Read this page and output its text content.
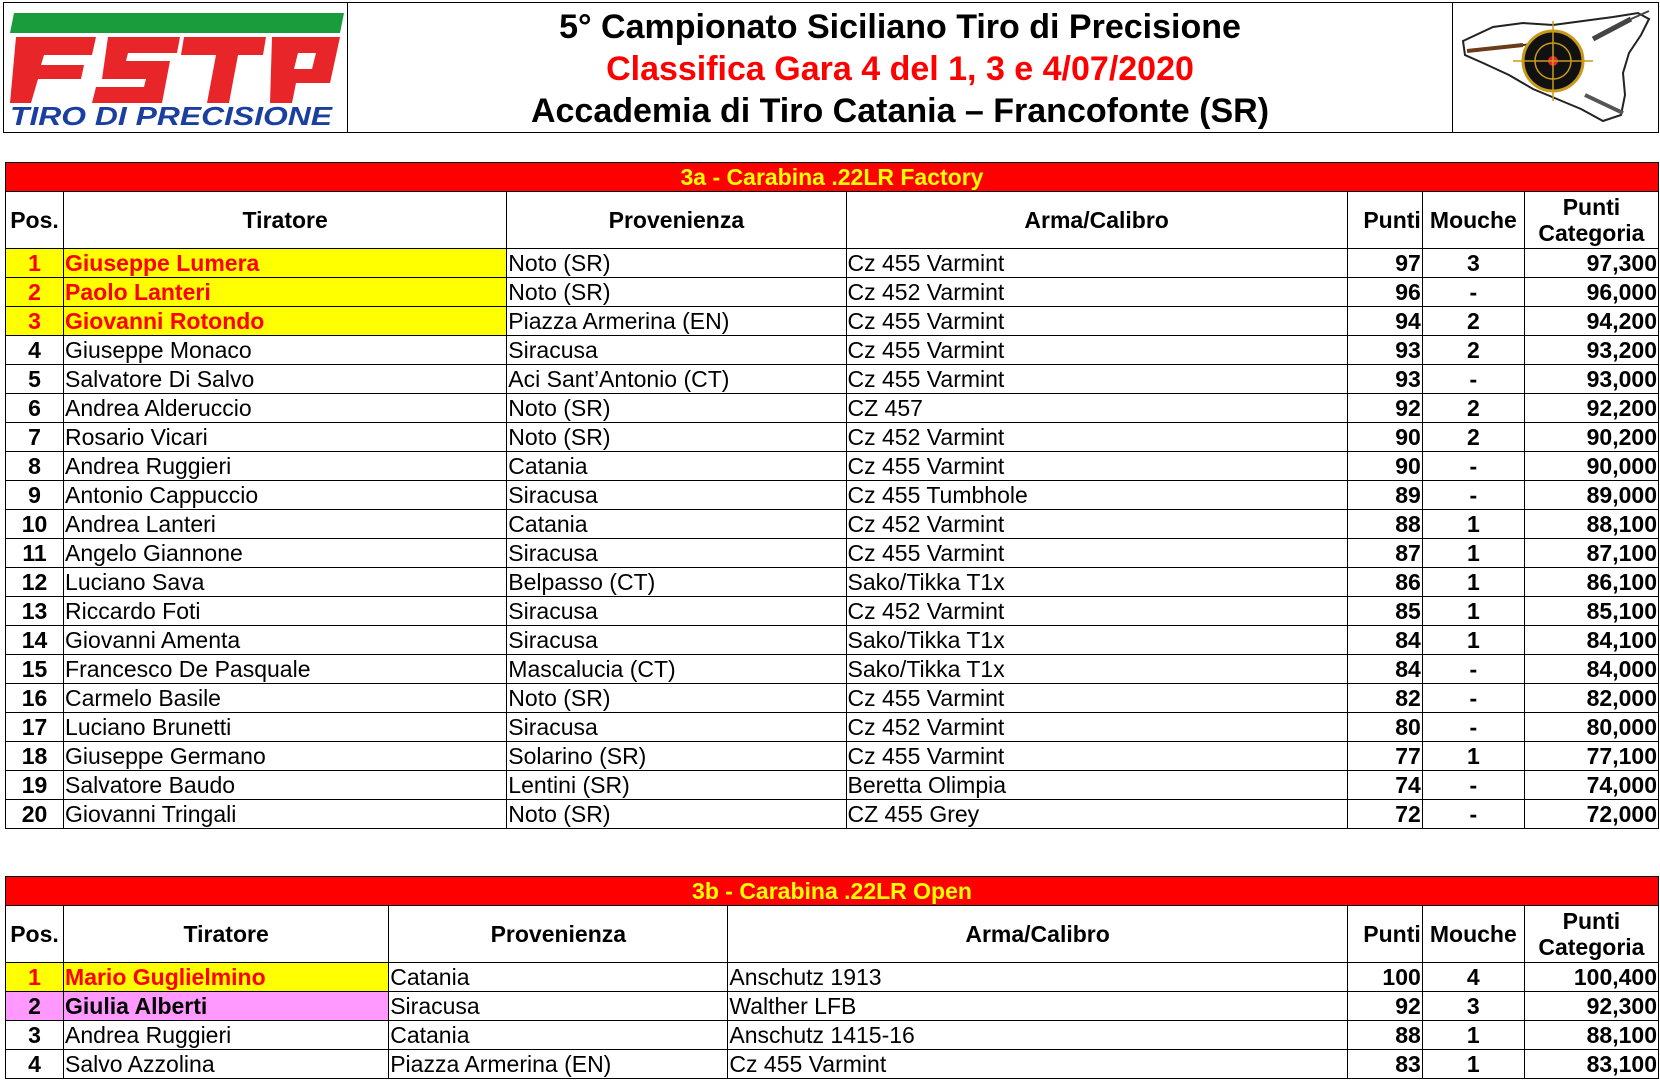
TIRO DI PRECISIONE
5° Campionato Siciliano Tiro di Precisione
Classifica Gara 4 del 1, 3 e 4/07/2020
Accademia di Tiro Catania – Francofonte (SR)
3a - Carabina .22LR Factory						
Pos.	Tiratore	Provenienza	Arma/Calibro	Punti	Mouche	Punti Categoria
1	Giuseppe Lumera	Noto (SR)	Cz 455 Varmint	97	3	97,300
2	Paolo Lanteri	Noto (SR)	Cz 452 Varmint	96	-	96,000
3	Giovanni Rotondo	Piazza Armerina (EN)	Cz 455 Varmint	94	2	94,200
4	Giuseppe Monaco	Siracusa	Cz 455 Varmint	93	2	93,200
5	Salvatore Di Salvo	Aci Sant’Antonio (CT)	Cz 455 Varmint	93	-	93,000
6	Andrea Alderuccio	Noto (SR)	CZ 457	92	2	92,200
7	Rosario Vicari	Noto (SR)	Cz 452 Varmint	90	2	90,200
8	Andrea Ruggieri	Catania	Cz 455 Varmint	90	-	90,000
9	Antonio Cappuccio	Siracusa	Cz 455 Tumbhole	89	-	89,000
10	Andrea Lanteri	Catania	Cz 452 Varmint	88	1	88,100
11	Angelo Giannone	Siracusa	Cz 455 Varmint	87	1	87,100
12	Luciano Sava	Belpasso (CT)	Sako/Tikka T1x	86	1	86,100
13	Riccardo Foti	Siracusa	Cz 452 Varmint	85	1	85,100
14	Giovanni Amenta	Siracusa	Sako/Tikka T1x	84	1	84,100
15	Francesco De Pasquale	Mascalucia (CT)	Sako/Tikka T1x	84	-	84,000
16	Carmelo Basile	Noto (SR)	Cz 455 Varmint	82	-	82,000
17	Luciano Brunetti	Siracusa	Cz 452 Varmint	80	-	80,000
18	Giuseppe Germano	Solarino (SR)	Cz 455 Varmint	77	1	77,100
19	Salvatore Baudo	Lentini (SR)	Beretta Olimpia	74	-	74,000
20	Giovanni Tringali	Noto (SR)	CZ 455 Grey	72	-	72,000
3b - Carabina .22LR Open						
Pos.	Tiratore	Provenienza	Arma/Calibro	Punti	Mouche	Punti Categoria
1	Mario Guglielmino	Catania	Anschutz 1913	100	4	100,400
2	Giulia Alberti	Siracusa	Walther LFB	92	3	92,300
3	Andrea Ruggieri	Catania	Anschutz 1415-16	88	1	88,100
4	Salvo Azzolina	Piazza Armerina (EN)	Cz 455 Varmint	83	1	83,100
